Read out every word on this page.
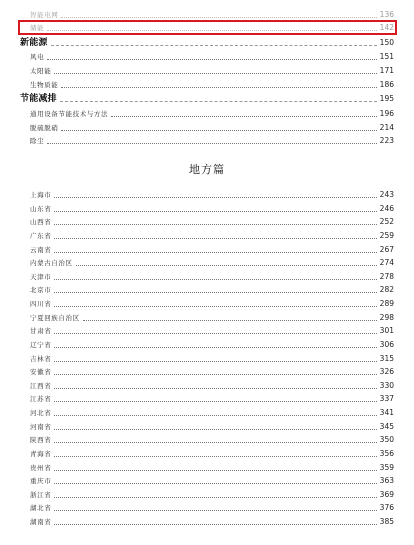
智能电网	136
储能	142
新能源	150
风电	151
太阳能	171
生物质能	186
节能减排	195
通用设备节能技术与方法	196
脱硫脱硝	214
除尘	223
地方篇
上海市	243
山东省	246
山西省	252
广东省	259
云南省	267
内蒙古自治区	274
天津市	278
北京市	282
四川省	289
宁夏回族自治区	298
甘肃省	301
辽宁省	306
吉林省	315
安徽省	326
江西省	330
江苏省	337
河北省	341
河南省	345
陕西省	350
青海省	356
贵州省	359
重庆市	363
浙江省	369
湖北省	376
湖南省	385
